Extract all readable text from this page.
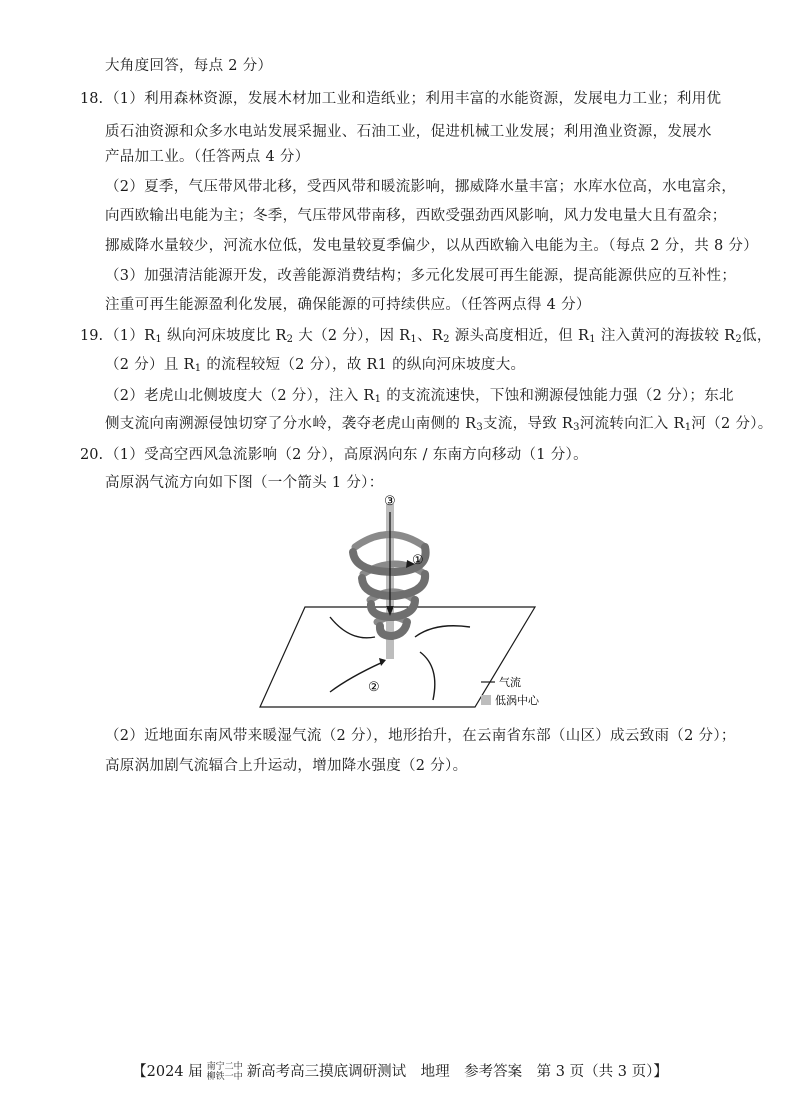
大角度回答，每点 2 分）
18. （1）利用森林资源，发展木材加工业和造纸业；利用丰富的水能资源，发展电力工业；利用优
质石油资源和众多水电站发展采掘业、石油工业，促进机械工业发展；利用渔业资源，发展水
产品加工业。（任答两点 4 分）
（2）夏季，气压带风带北移，受西风带和暖流影响，挪威降水量丰富；水库水位高，水电富余，
向西欧输出电能为主；冬季，气压带风带南移，西欧受强劲西风影响，风力发电量大且有盈余；
挪威降水量较少，河流水位低，发电量较夏季偏少，以从西欧输入电能为主。（每点 2 分，共 8 分）
（3）加强清洁能源开发，改善能源消费结构；多元化发展可再生能源，提高能源供应的互补性；
注重可再生能源盈利化发展，确保能源的可持续供应。（任答两点得 4 分）
19. $(1)R_1$ 纵向河床坡度比 $R_2$ 大（2 分），因 $R_1$、$R_2$ 源头高度相近，但 $R_1$ 注入黄河的海拔较 $R_2$低，
（2 分）且 $R_1$ 的流程较短（2 分），故 R1 的纵向河床坡度大。
（2）老虎山北侧坡度大（2 分），注入 $R_1$ 的支流流速快，下蚀和溯源侵蚀能力强（2 分）；东北
侧支流向南溯源侵蚀切穿了分水岭，袭夺老虎山南侧的 $R_3$支流，导致 $R_3$河流转向汇入 $R_1$河（2 分）。
20. （1）受高空西风急流影响（2 分），高原涡向东 / 东南方向移动（1 分）。
高原涡气流方向如下图（一个箭头 1 分）：
③
①
②	气流
低涡中心
（2）近地面东南风带来暖湿气流（2 分），地形抬升，在云南省东部（山区）成云致雨（2 分）；
高原涡加剧气流辐合上升运动，增加降水强度（2 分）。
【2024 届 南宁二中
柳铁一中 新高考高三摸底调研测试　地理　参考答案　第 3 页（共 3 页）】
